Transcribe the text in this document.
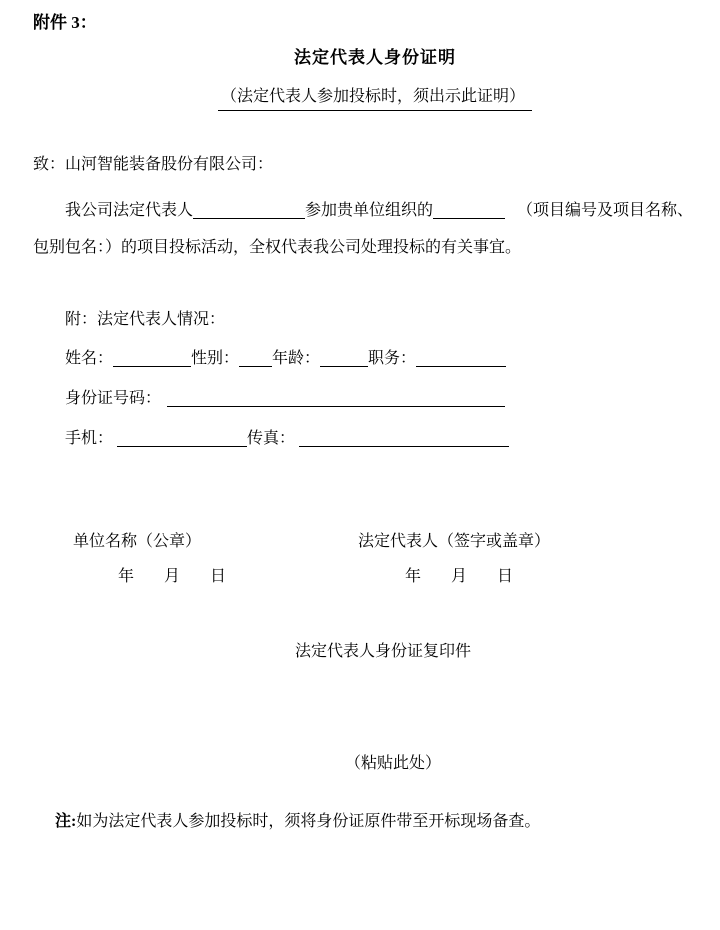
附件 3：
法定代表人身份证明
（法定代表人参加投标时，须出示此证明）
致：山河智能装备股份有限公司：
我公司法定代表人	参加贵单位组织的	（项目编号及项目名称、
包别包名：）的项目投标活动，全权代表我公司处理投标的有关事宜。
附：法定代表人情况：
姓名：	性别： 年龄：	职务：
身份证号码：
手机：	传真：
单位名称（公章）	法定代表人（签字或盖章）
年 月 日	年 月 日
法定代表人身份证复印件
（粘贴此处）
注:如为法定代表人参加投标时，须将身份证原件带至开标现场备查。
